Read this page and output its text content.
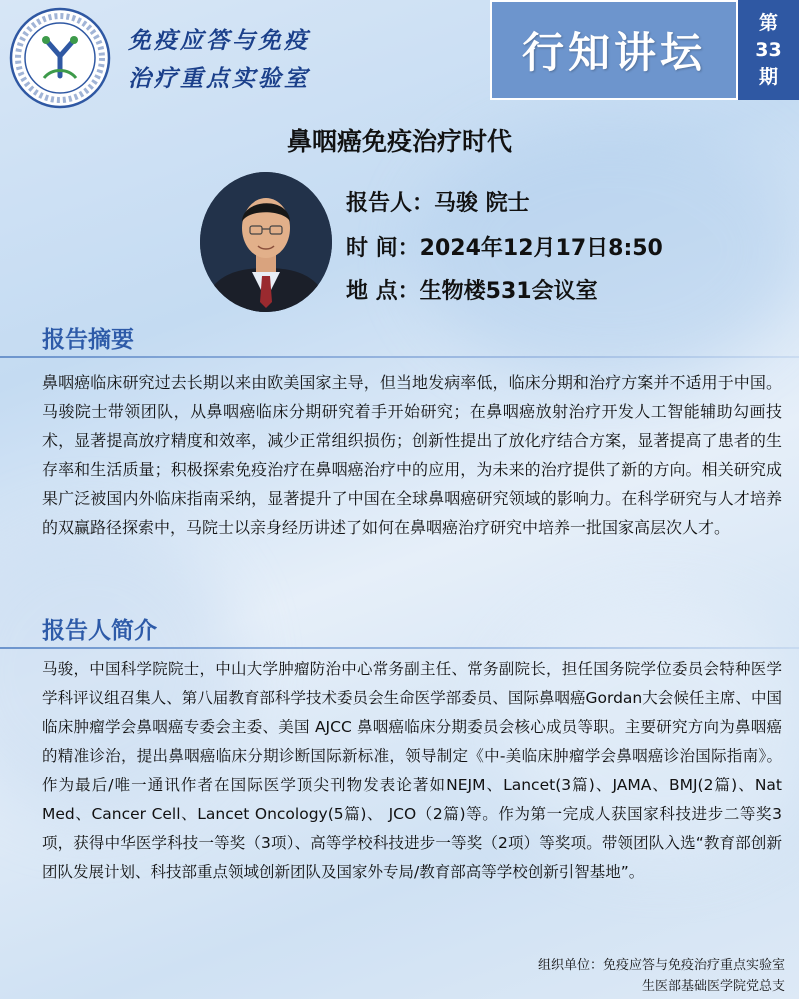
免疫应答与免疫
治疗重点实验室
行知讲坛
第
33
期
鼻咽癌免疫治疗时代
报告人：马骏 院士
时 间：2024年12月17日8:50
地 点：生物楼531会议室
报告摘要
鼻咽癌临床研究过去长期以来由欧美国家主导，但当地发病率低，临床分期和治疗方案并不适用于中国。马骏院士带领团队，从鼻咽癌临床分期研究着手开始研究；在鼻咽癌放射治疗开发人工智能辅助勾画技术，显著提高放疗精度和效率，减少正常组织损伤；创新性提出了放化疗结合方案，显著提高了患者的生存率和生活质量；积极探索免疫治疗在鼻咽癌治疗中的应用，为未来的治疗提供了新的方向。相关研究成果广泛被国内外临床指南采纳，显著提升了中国在全球鼻咽癌研究领域的影响力。在科学研究与人才培养的双赢路径探索中，马院士以亲身经历讲述了如何在鼻咽癌治疗研究中培养一批国家高层次人才。
报告人简介
马骏，中国科学院院士，中山大学肿瘤防治中心常务副主任、常务副院长，担任国务院学位委员会特种医学学科评议组召集人、第八届教育部科学技术委员会生命医学部委员、国际鼻咽癌Gordan大会候任主席、中国临床肿瘤学会鼻咽癌专委会主委、美国 AJCC 鼻咽癌临床分期委员会核心成员等职。主要研究方向为鼻咽癌的精准诊治，提出鼻咽癌临床分期诊断国际新标准，领导制定《中-美临床肿瘤学会鼻咽癌诊治国际指南》。作为最后/唯一通讯作者在国际医学顶尖刊物发表论著如NEJM、Lancet(3篇)、JAMA、BMJ(2篇)、Nat Med、Cancer Cell、Lancet Oncology(5篇)、 JCO（2篇)等。作为第一完成人获国家科技进步二等奖3项，获得中华医学科技一等奖（3项）、高等学校科技进步一等奖（2项）等奖项。带领团队入选“教育部创新团队发展计划、科技部重点领域创新团队及国家外专局/教育部高等学校创新引智基地”。
组织单位：免疫应答与免疫治疗重点实验室
生医部基础医学院党总支
